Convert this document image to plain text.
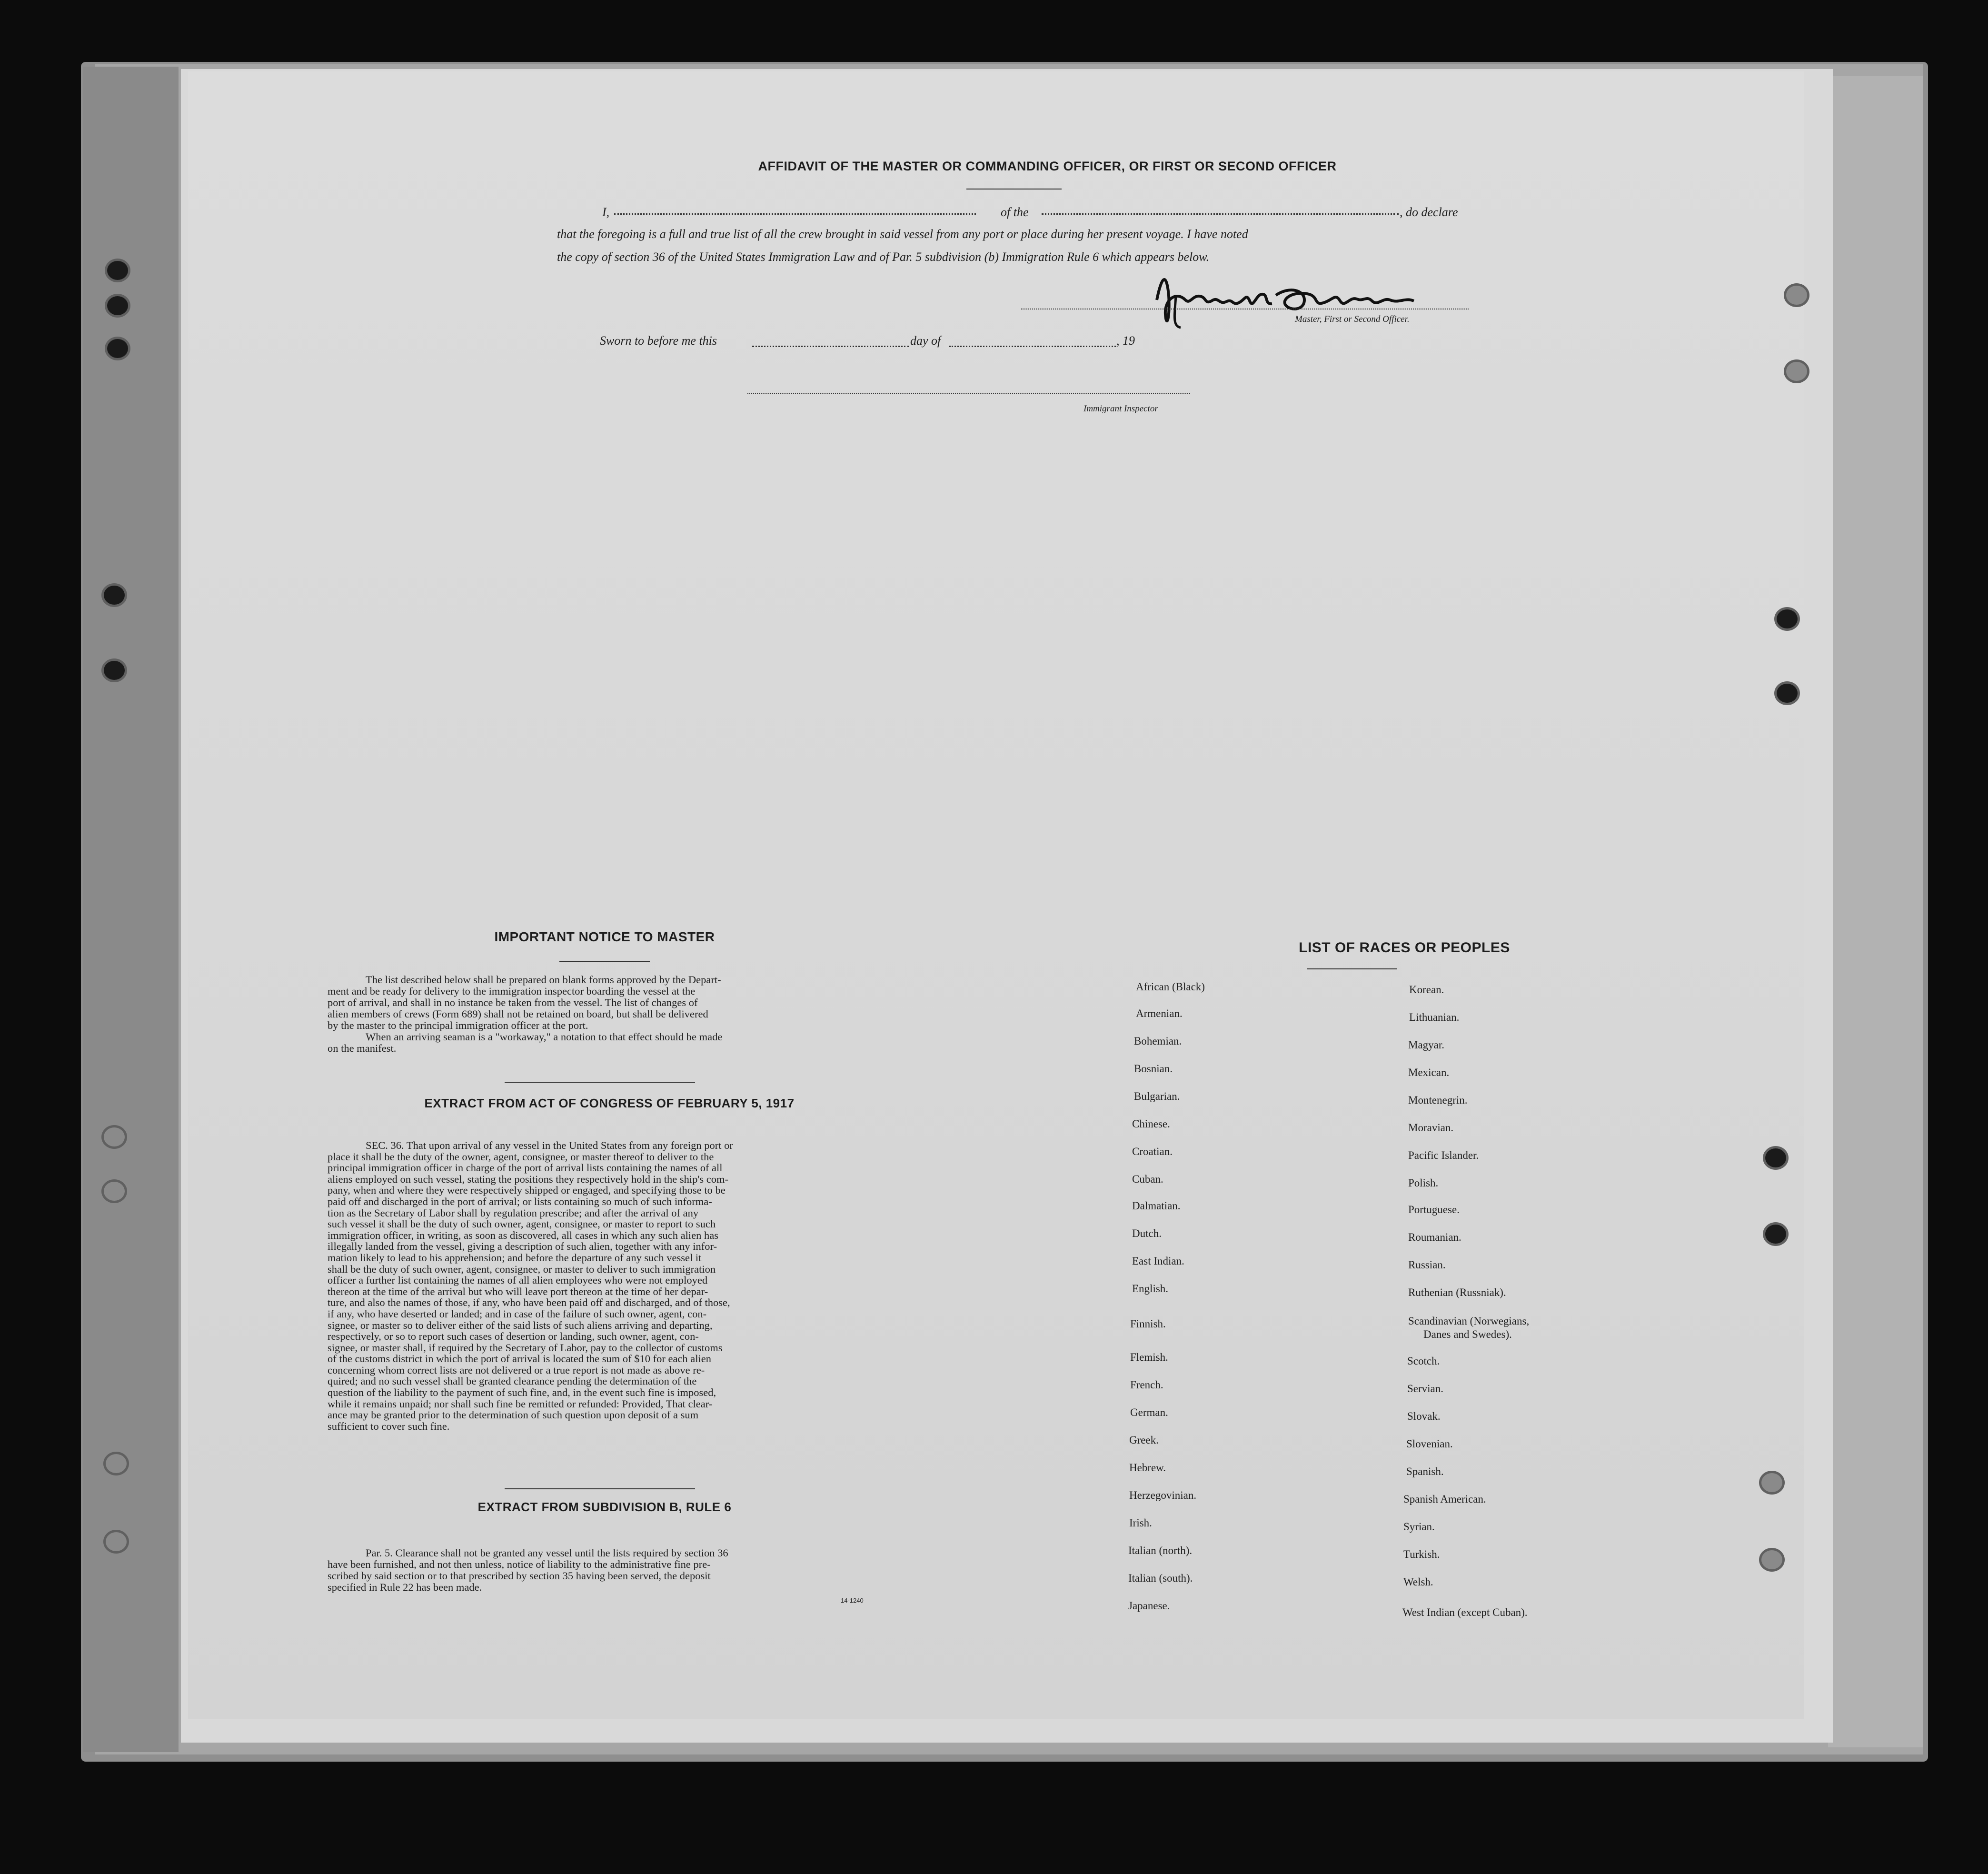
AFFIDAVIT OF THE MASTER OR COMMANDING OFFICER, OR FIRST OR SECOND OFFICER
I,	of the	, do declare
that the foregoing is a full and true list of all the crew brought in said vessel from any port or place during her present voyage. I have noted
the copy of section 36 of the United States Immigration Law and of Par. 5 subdivision (b) Immigration Rule 6 which appears below.
Master, First or Second Officer.
Sworn to before me this	day of	, 19
Immigrant Inspector
IMPORTANT NOTICE TO MASTER
The list described below shall be prepared on blank forms approved by the Depart-
ment and be ready for delivery to the immigration inspector boarding the vessel at the
port of arrival, and shall in no instance be taken from the vessel. The list of changes of
alien members of crews (Form 689) shall not be retained on board, but shall be delivered
by the master to the principal immigration officer at the port.
When an arriving seaman is a "workaway," a notation to that effect should be made
on the manifest.
EXTRACT FROM ACT OF CONGRESS OF FEBRUARY 5, 1917
SEC. 36. That upon arrival of any vessel in the United States from any foreign port or
place it shall be the duty of the owner, agent, consignee, or master thereof to deliver to the
principal immigration officer in charge of the port of arrival lists containing the names of all
aliens employed on such vessel, stating the positions they respectively hold in the ship's com-
pany, when and where they were respectively shipped or engaged, and specifying those to be
paid off and discharged in the port of arrival; or lists containing so much of such informa-
tion as the Secretary of Labor shall by regulation prescribe; and after the arrival of any
such vessel it shall be the duty of such owner, agent, consignee, or master to report to such
immigration officer, in writing, as soon as discovered, all cases in which any such alien has
illegally landed from the vessel, giving a description of such alien, together with any infor-
mation likely to lead to his apprehension; and before the departure of any such vessel it
shall be the duty of such owner, agent, consignee, or master to deliver to such immigration
officer a further list containing the names of all alien employees who were not employed
thereon at the time of the arrival but who will leave port thereon at the time of her depar-
ture, and also the names of those, if any, who have been paid off and discharged, and of those,
if any, who have deserted or landed; and in case of the failure of such owner, agent, con-
signee, or master so to deliver either of the said lists of such aliens arriving and departing,
respectively, or so to report such cases of desertion or landing, such owner, agent, con-
signee, or master shall, if required by the Secretary of Labor, pay to the collector of customs
of the customs district in which the port of arrival is located the sum of $10 for each alien
concerning whom correct lists are not delivered or a true report is not made as above re-
quired; and no such vessel shall be granted clearance pending the determination of the
question of the liability to the payment of such fine, and, in the event such fine is imposed,
while it remains unpaid; nor shall such fine be remitted or refunded: Provided, That clear-
ance may be granted prior to the determination of such question upon deposit of a sum
sufficient to cover such fine.
EXTRACT FROM SUBDIVISION B, RULE 6
Par. 5. Clearance shall not be granted any vessel until the lists required by section 36
have been furnished, and not then unless, notice of liability to the administrative fine pre-
scribed by said section or to that prescribed by section 35 having been served, the deposit
specified in Rule 22 has been made.
14-1240
LIST OF RACES OR PEOPLES
African (Black)
Armenian.
Bohemian.
Bosnian.
Bulgarian.
Chinese.
Croatian.
Cuban.
Dalmatian.
Dutch.
East Indian.
English.
Finnish.
Flemish.
French.
German.
Greek.
Hebrew.
Herzegovinian.
Irish.
Italian (north).
Italian (south).
Japanese.
Korean.
Lithuanian.
Magyar.
Mexican.
Montenegrin.
Moravian.
Pacific Islander.
Polish.
Portuguese.
Roumanian.
Russian.
Ruthenian (Russniak).
Scandinavian (Norwegians,
Danes and Swedes).
Scotch.
Servian.
Slovak.
Slovenian.
Spanish.
Spanish American.
Syrian.
Turkish.
Welsh.
West Indian (except Cuban).
